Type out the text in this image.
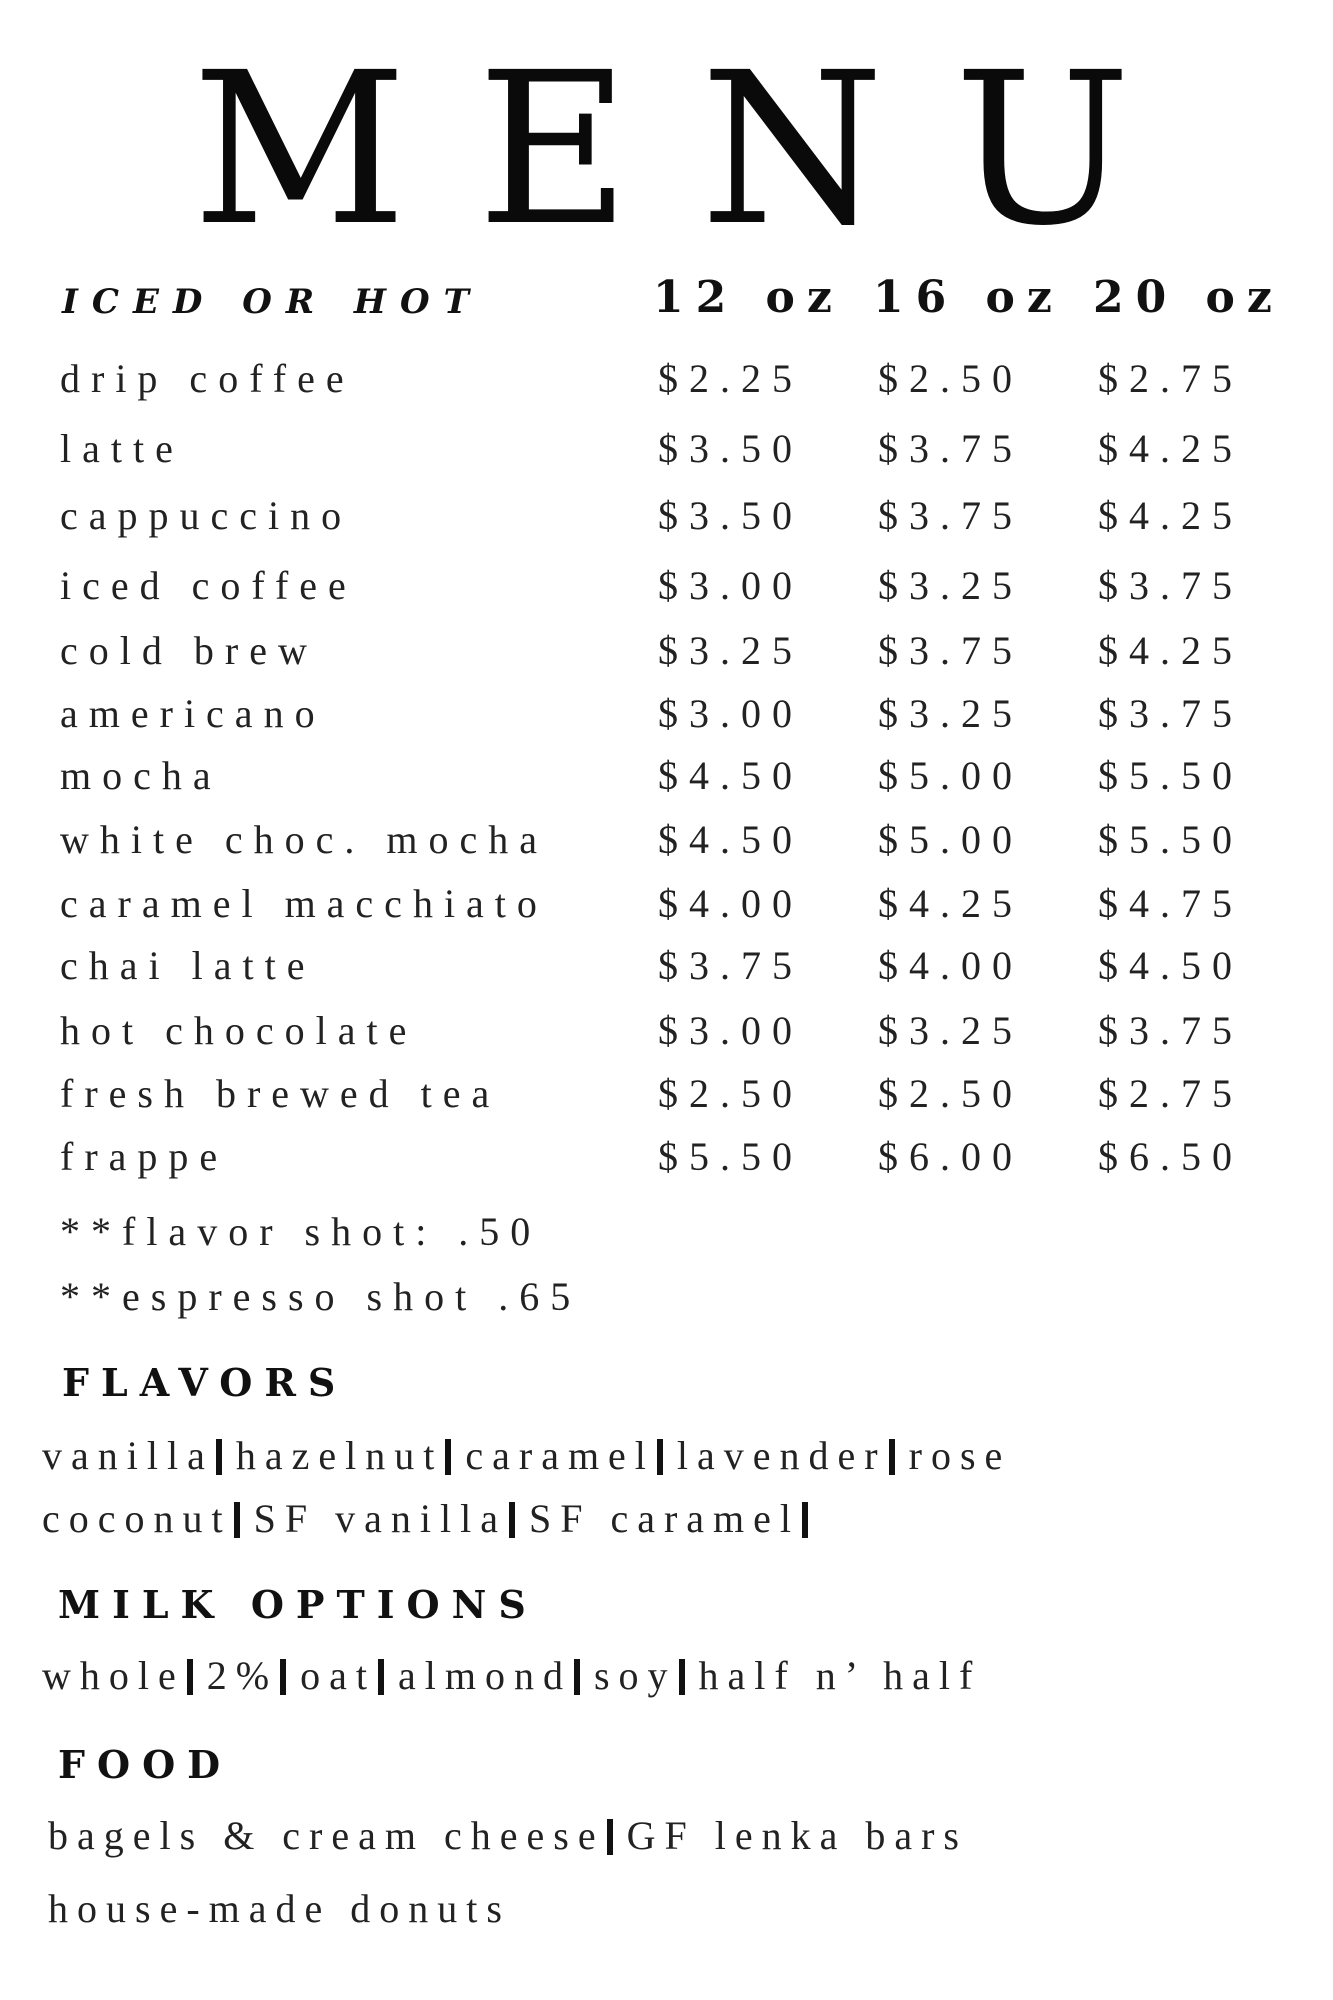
MENU
ICED OR HOT	12 oz 16 oz 20 oz
drip coffee	$2.25 $2.50 $2.75
latte	$3.50 $3.75 $4.25
cappuccino	$3.50 $3.75 $4.25
iced coffee	$3.00 $3.25 $3.75
cold brew	$3.25 $3.75 $4.25
americano	$3.00 $3.25 $3.75
mocha	$4.50 $5.00 $5.50
white choc. mocha	$4.50 $5.00 $5.50
caramel macchiato	$4.00 $4.25 $4.75
chai latte	$3.75 $4.00 $4.50
hot chocolate	$3.00 $3.25 $3.75
fresh brewed tea	$2.50 $2.50 $2.75
frappe	$5.50 $6.00 $6.50
**flavor shot: .50
**espresso shot .65
FLAVORS
vanilla hazelnut caramel lavender rose
coconut SF vanilla SF caramel
MILK OPTIONS
whole 2% oat almond soy half n’ half
FOOD
bagels & cream cheese GF lenka bars
house-made donuts
